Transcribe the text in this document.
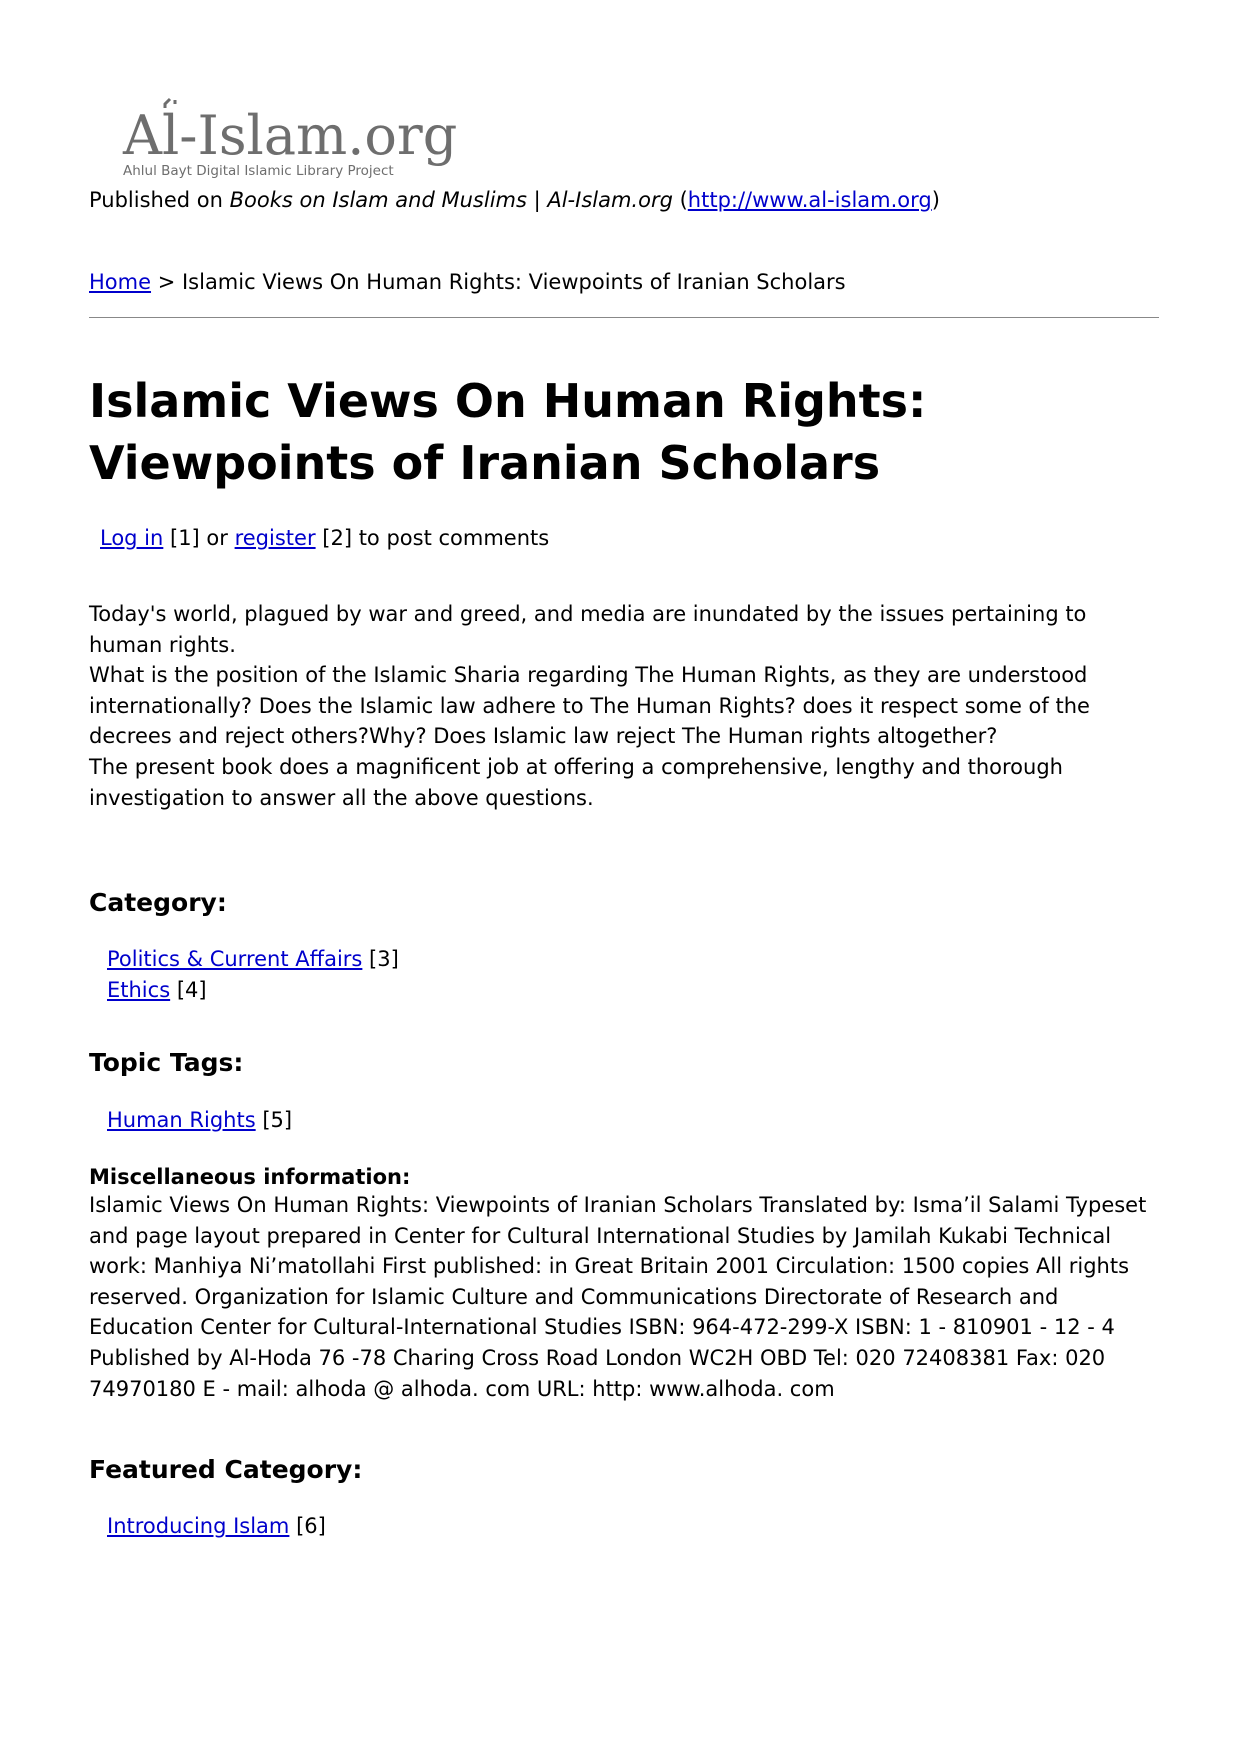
Al-Islam.org
Ahlul Bayt Digital Islamic Library Project
Published on Books on Islam and Muslims | Al-Islam.org (http://www.al-islam.org)
Home > Islamic Views On Human Rights: Viewpoints of Iranian Scholars
Islamic Views On Human Rights: Viewpoints of Iranian Scholars
Log in [1] or register [2] to post comments

Today's world, plagued by war and greed, and media are inundated by the issues pertaining to human rights.

What is the position of the Islamic Sharia regarding The Human Rights, as they are understood internationally? Does the Islamic law adhere to The Human Rights? does it respect some of the decrees and reject others?Why? Does Islamic law reject The Human rights altogether?

The present book does a magnificent job at offering a comprehensive, lengthy and thorough investigation to answer all the above questions.

Category:
Politics & Current Affairs [3]
Ethics [4]
Topic Tags:
Human Rights [5]
Miscellaneous information:
Islamic Views On Human Rights: Viewpoints of Iranian Scholars Translated by: Isma’il Salami Typeset and page layout prepared in Center for Cultural International Studies by Jamilah Kukabi Technical work: Manhiya Ni’matollahi First published: in Great Britain 2001 Circulation: 1500 copies All rights reserved. Organization for Islamic Culture and Communications Directorate of Research and Education Center for Cultural-International Studies ISBN: 964-472-299-X ISBN: 1 - 810901 - 12 - 4 Published by Al-Hoda 76 -78 Charing Cross Road London WC2H OBD Tel: 020 72408381 Fax: 020 74970180 E - mail: alhoda @ alhoda. com URL: http: www.alhoda. com
Featured Category:
Introducing Islam [6]
